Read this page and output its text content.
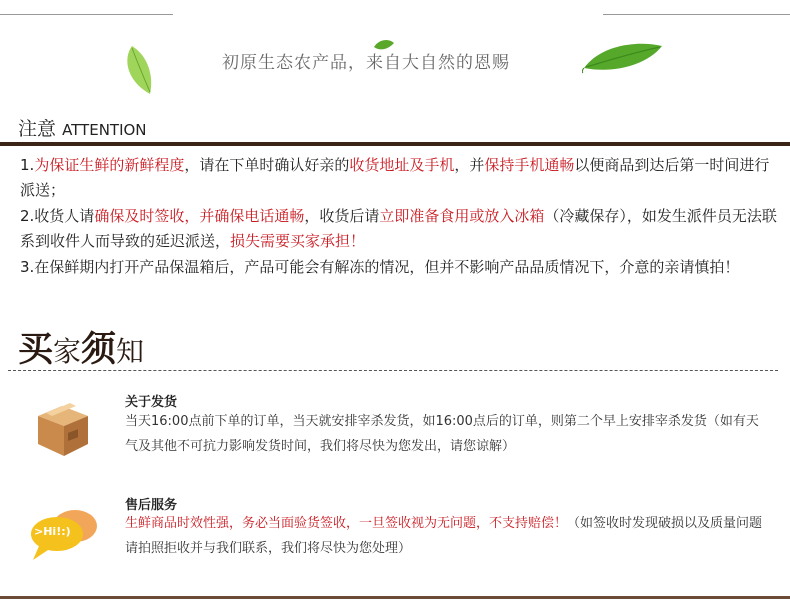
初原生态农产品，来自大自然的恩赐
注意 ATTENTION

1.为保证生鲜的新鲜程度，请在下单时确认好亲的收货地址及手机，并保持手机通畅以便商品到达后第一时间进行派送；

2.收货人请确保及时签收，并确保电话通畅，收货后请立即准备食用或放入冰箱（冷藏保存），如发生派件员无法联系到收件人而导致的延迟派送，损失需要买家承担！

3.在保鲜期内打开产品保温箱后，产品可能会有解冻的情况，但并不影响产品品质情况下，介意的亲请慎拍！

买家须知
关于发货
当天16:00点前下单的订单，当天就安排宰杀发货，如16:00点后的订单，则第二个早上安排宰杀发货（如有天气及其他不可抗力影响发货时间，我们将尽快为您发出，请您谅解）
>Hi!:)
售后服务
生鲜商品时效性强，务必当面验货签收，一旦签收视为无问题，不支持赔偿！（如签收时发现破损以及质量问题请拍照拒收并与我们联系，我们将尽快为您处理）
